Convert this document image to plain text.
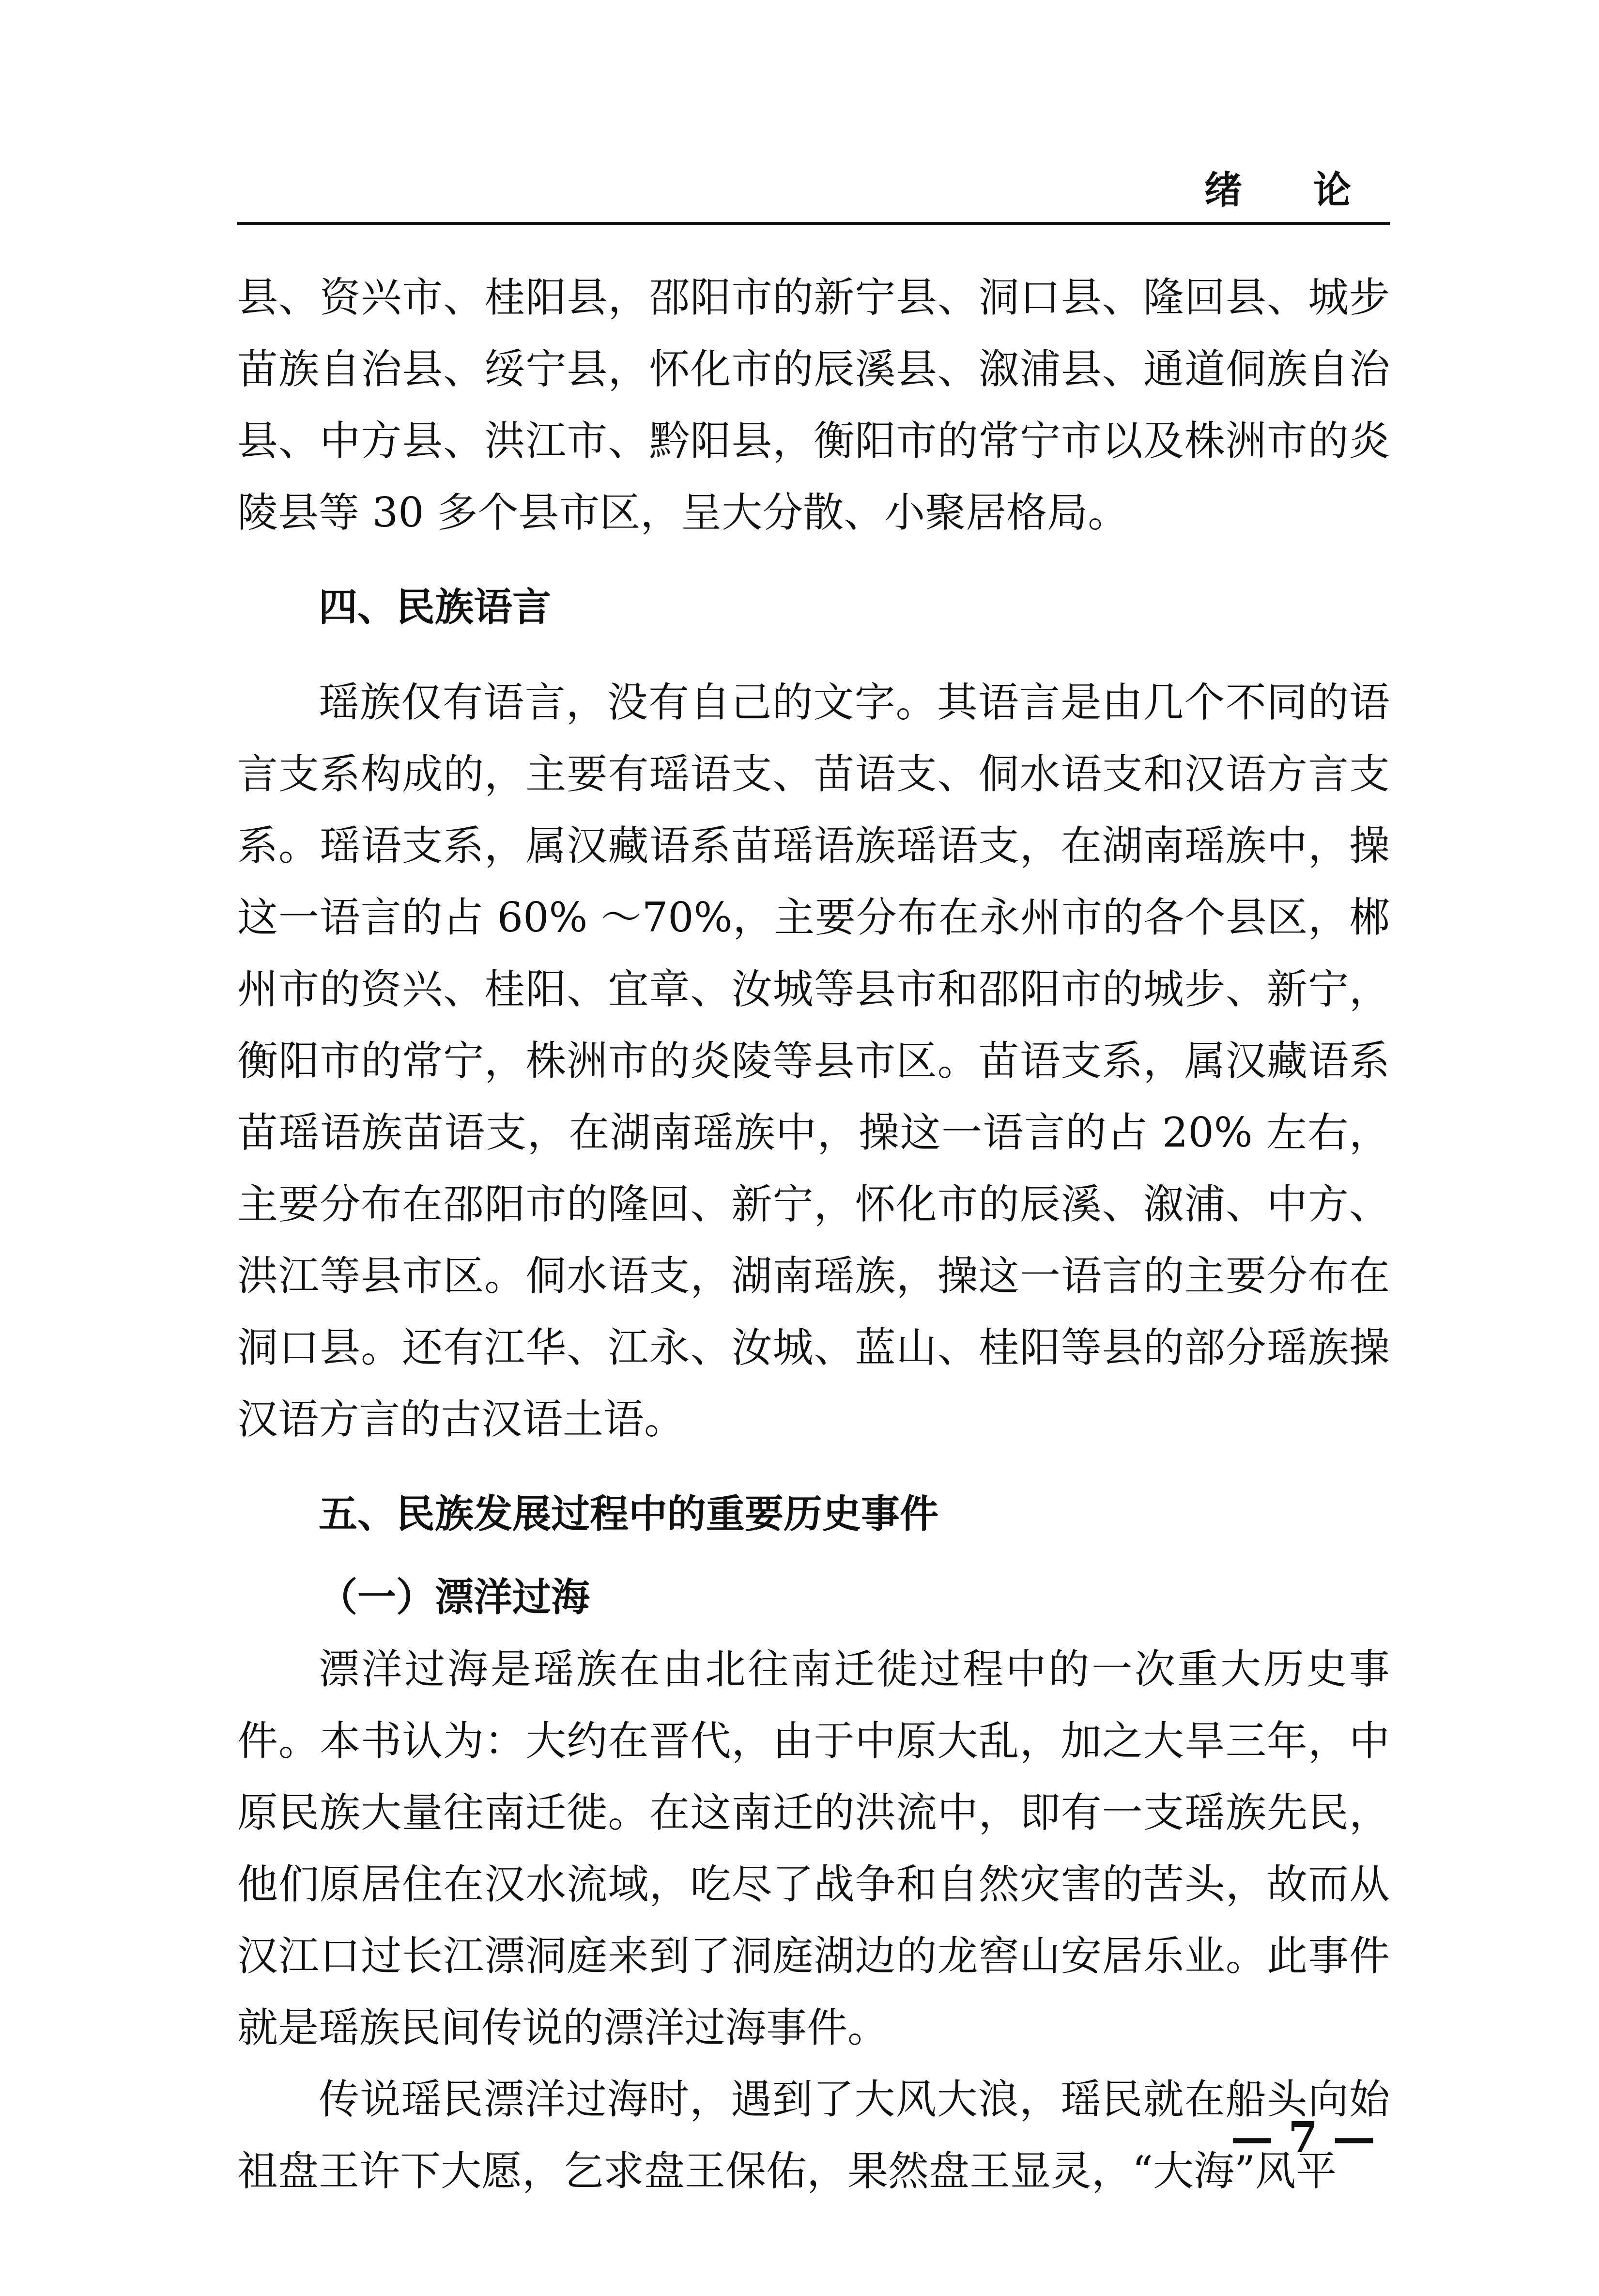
绪 论

县、资兴市、桂阳县，邵阳市的新宁县、洞口县、隆回县、城步苗族自治县、绥宁县，怀化市的辰溪县、溆浦县、通道侗族自治县、中方县、洪江市、黔阳县，衡阳市的常宁市以及株洲市的炎陵县等 30 多个县市区，呈大分散、小聚居格局。

四、民族语言

瑶族仅有语言，没有自己的文字。其语言是由几个不同的语言支系构成的，主要有瑶语支、苗语支、侗水语支和汉语方言支系。瑶语支系，属汉藏语系苗瑶语族瑶语支，在湖南瑶族中，操这一语言的占 60% ～70%，主要分布在永州市的各个县区，郴州市的资兴、桂阳、宜章、汝城等县市和邵阳市的城步、新宁，衡阳市的常宁，株洲市的炎陵等县市区。苗语支系，属汉藏语系苗瑶语族苗语支，在湖南瑶族中，操这一语言的占 20% 左右，主要分布在邵阳市的隆回、新宁，怀化市的辰溪、溆浦、中方、洪江等县市区。侗水语支，湖南瑶族，操这一语言的主要分布在洞口县。还有江华、江永、汝城、蓝山、桂阳等县的部分瑶族操汉语方言的古汉语土语。

五、民族发展过程中的重要历史事件

（一）漂洋过海

漂洋过海是瑶族在由北往南迁徙过程中的一次重大历史事件。本书认为：大约在晋代，由于中原大乱，加之大旱三年，中原民族大量往南迁徙。在这南迁的洪流中，即有一支瑶族先民，他们原居住在汉水流域，吃尽了战争和自然灾害的苦头，故而从汉江口过长江漂洞庭来到了洞庭湖边的龙窖山安居乐业。此事件就是瑶族民间传说的漂洋过海事件。

传说瑶民漂洋过海时，遇到了大风大浪，瑶民就在船头向始祖盘王许下大愿，乞求盘王保佑，果然盘王显灵，“大海”风平

— 7 —
